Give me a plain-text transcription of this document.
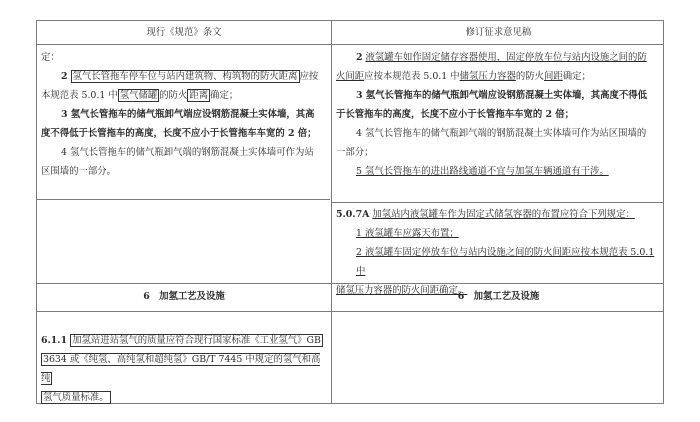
现行《规范》条文	修订征求意见稿

定：

2 氢气长管拖车停车位与站内建筑物、构筑物的防火距离 应按

本规范表 5.0.1 中 氢气储罐 的防火 距离 确定；

3 氢气长管拖车的储气瓶卸气端应设钢筋混凝土实体墙，其高

度不得低于长管拖车的高度，长度不应小于长管拖车车宽的 2 倍；

4 氢气长管拖车的储气瓶卸气端的钢筋混凝土实体墙可作为站

区围墙的一部分。

2 液氢罐车如作固定储存容器使用，固定停放车位与站内设施之间的防

火间距应按本规范表 5.0.1 中储氢压力容器的防火间距确定；

3 氢气长管拖车的储气瓶卸气端应设钢筋混凝土实体墙，其高度不得低

于长管拖车的高度，长度不应小于长管拖车车宽的 2 倍；

4 氢气长管拖车的储气瓶卸气端的钢筋混凝土实体墙可作为站区围墙的

一部分；

5 氢气长管拖车的进出路线通道不宜与加氢车辆通道有干涉。

5.0.7A 加氢站内液氢罐车作为固定式储氢容器的布置应符合下列规定：

1 液氢罐车应露天布置；

2 液氢罐车固定停放车位与站内设施之间的防火间距应按本规范表 5.0.1 中

储氢压力容器的防火间距确定。

6　加氢工艺及设施	6　加氢工艺及设施

6.1.1 加氢站进站氢气的质量应符合现行国家标准《工业氢气》GB

3634 或《纯氢、高纯氢和超纯氢》GB/T 7445 中规定的氢气和高纯

氢气质量标准。
